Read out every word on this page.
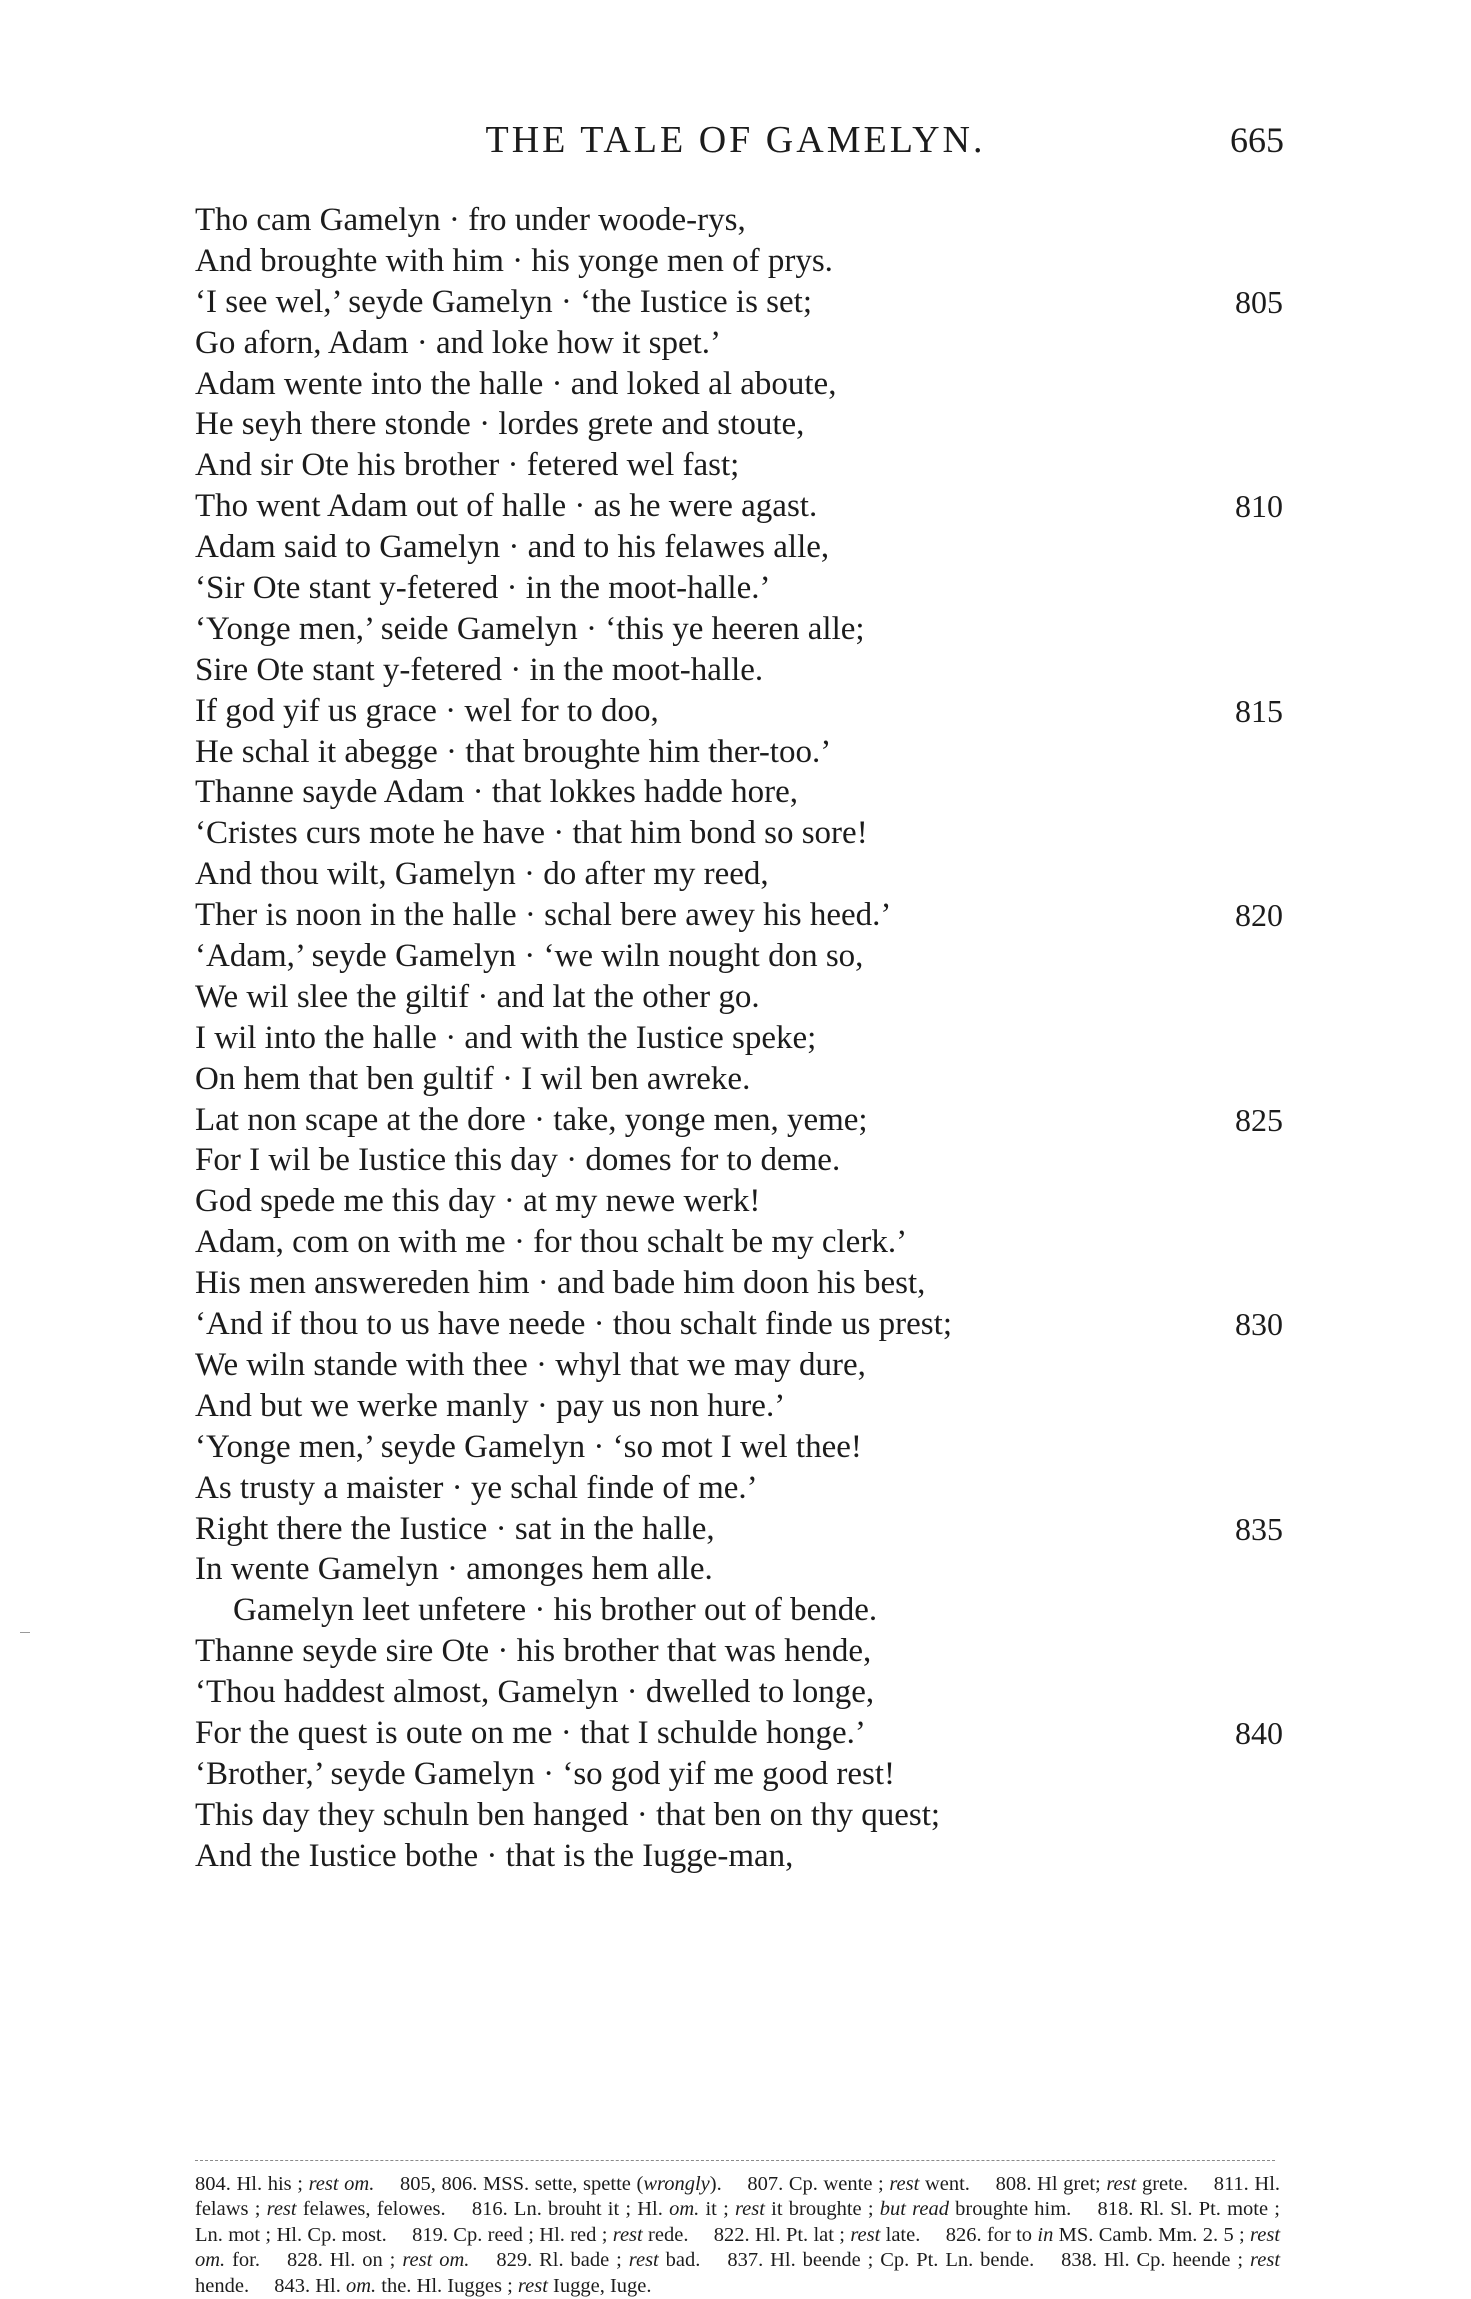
THE TALE OF GAMELYN.	665
Tho cam Gamelyn · fro under woode-rys,
And broughte with him · his yonge men of prys.
‘I see wel,’ seyde Gamelyn · ‘the Iustice is set;	805
Go aforn, Adam · and loke how it spet.’
Adam wente into the halle · and loked al aboute,
He seyh there stonde · lordes grete and stoute,
And sir Ote his brother · fetered wel fast;
Tho went Adam out of halle · as he were agast.	810
Adam said to Gamelyn · and to his felawes alle,
‘Sir Ote stant y-fetered · in the moot-halle.’
‘Yonge men,’ seide Gamelyn · ‘this ye heeren alle;
Sire Ote stant y-fetered · in the moot-halle.
If god yif us grace · wel for to doo,	815
He schal it abegge · that broughte him ther-too.’
Thanne sayde Adam · that lokkes hadde hore,
‘Cristes curs mote he have · that him bond so sore!
And thou wilt, Gamelyn · do after my reed,
Ther is noon in the halle · schal bere awey his heed.’	820
‘Adam,’ seyde Gamelyn · ‘we wiln nought don so,
We wil slee the giltif · and lat the other go.
I wil into the halle · and with the Iustice speke;
On hem that ben gultif · I wil ben awreke.
Lat non scape at the dore · take, yonge men, yeme;	825
For I wil be Iustice this day · domes for to deme.
God spede me this day · at my newe werk!
Adam, com on with me · for thou schalt be my clerk.’
His men answereden him · and bade him doon his best,
‘And if thou to us have neede · thou schalt finde us prest;	830
We wiln stande with thee · whyl that we may dure,
And but we werke manly · pay us non hure.’
‘Yonge men,’ seyde Gamelyn · ‘so mot I wel thee!
As trusty a maister · ye schal finde of me.’
Right there the Iustice · sat in the halle,	835
In wente Gamelyn · amonges hem alle.
Gamelyn leet unfetere · his brother out of bende.
Thanne seyde sire Ote · his brother that was hende,
‘Thou haddest almost, Gamelyn · dwelled to longe,
For the quest is oute on me · that I schulde honge.’	840
‘Brother,’ seyde Gamelyn · ‘so god yif me good rest!
This day they schuln ben hanged · that ben on thy quest;
And the Iustice bothe · that is the Iugge-man,
804. Hl. his ; rest om. 805, 806. MSS. sette, spette (wrongly). 807. Cp. wente ; rest went. 808. Hl gret; rest grete. 811. Hl. felaws ; rest felawes, felowes. 816. Ln. brouht it ; Hl. om. it ; rest it broughte ; but read broughte him. 818. Rl. Sl. Pt. mote ; Ln. mot ; Hl. Cp. most. 819. Cp. reed ; Hl. red ; rest rede. 822. Hl. Pt. lat ; rest late. 826. for to in MS. Camb. Mm. 2. 5 ; rest om. for. 828. Hl. on ; rest om. 829. Rl. bade ; rest bad. 837. Hl. beende ; Cp. Pt. Ln. bende. 838. Hl. Cp. heende ; rest hende. 843. Hl. om. the. Hl. Iugges ; rest Iugge, Iuge.
